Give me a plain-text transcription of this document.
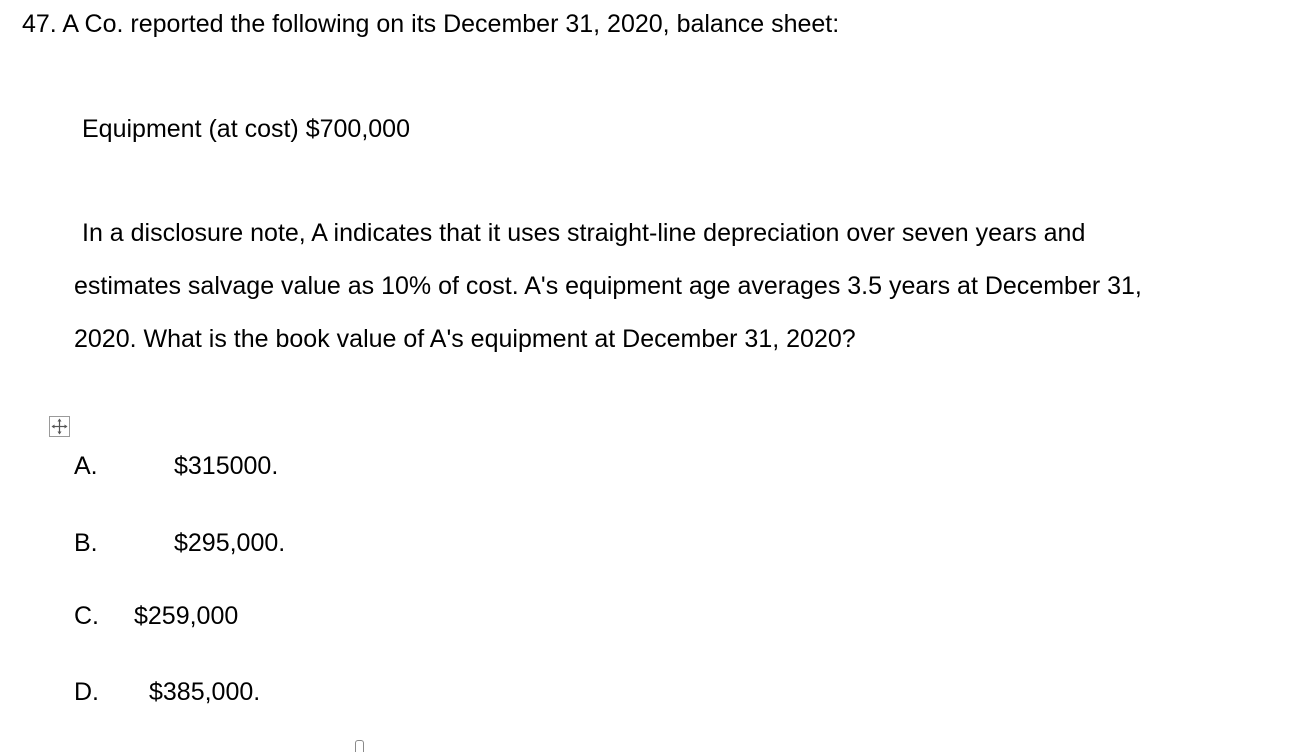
47. A Co. reported the following on its December 31, 2020, balance sheet:
Equipment (at cost) $700,000
In a disclosure note, A indicates that it uses straight-line depreciation over seven years and
estimates salvage value as 10% of cost. A's equipment age averages 3.5 years at December 31,
2020. What is the book value of A's equipment at December 31, 2020?
A.	$315000.
B.	$295,000.
C. $259,000
D. $385,000.
